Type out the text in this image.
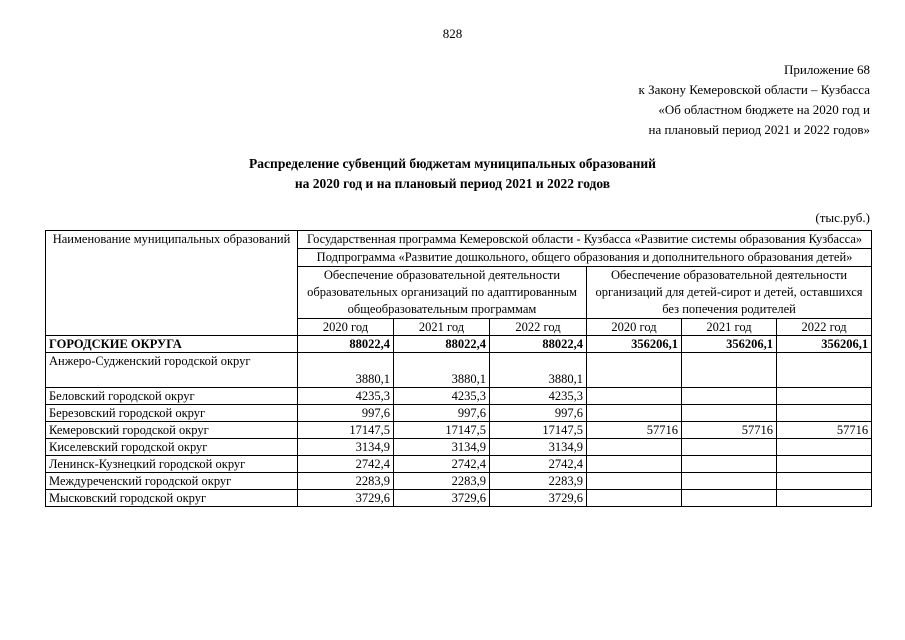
828
Приложение 68
к Закону Кемеровской области – Кузбасса
«Об областном бюджете на 2020 год и
на плановый период 2021 и 2022 годов»
Распределение субвенций бюджетам муниципальных образований
на 2020 год и на плановый период 2021 и 2022 годов
(тыс.руб.)
Наименование муниципальных образований	Государственная программа Кемеровской области - Кузбасса «Развитие системы образования Кузбасса»					
	Подпрограмма «Развитие дошкольного, общего образования и дополнительного образования детей»					
	Обеспечение образовательной деятельности образовательных организаций по адаптированным общеобразовательным программам			Обеспечение образовательной деятельности организаций для детей-сирот и детей, оставшихся без попечения родителей		
	2020 год	2021 год	2022 год	2020 год	2021 год	2022 год
ГОРОДСКИЕ ОКРУГА	88022,4	88022,4	88022,4	356206,1	356206,1	356206,1
Анжеро-Судженский городской округ	3880,1	3880,1	3880,1			
Беловский городской округ	4235,3	4235,3	4235,3			
Березовский городской округ	997,6	997,6	997,6			
Кемеровский городской округ	17147,5	17147,5	17147,5	57716	57716	57716
Киселевский городской округ	3134,9	3134,9	3134,9			
Ленинск-Кузнецкий городской округ	2742,4	2742,4	2742,4			
Междуреченский городской округ	2283,9	2283,9	2283,9			
Мысковский городской округ	3729,6	3729,6	3729,6			
